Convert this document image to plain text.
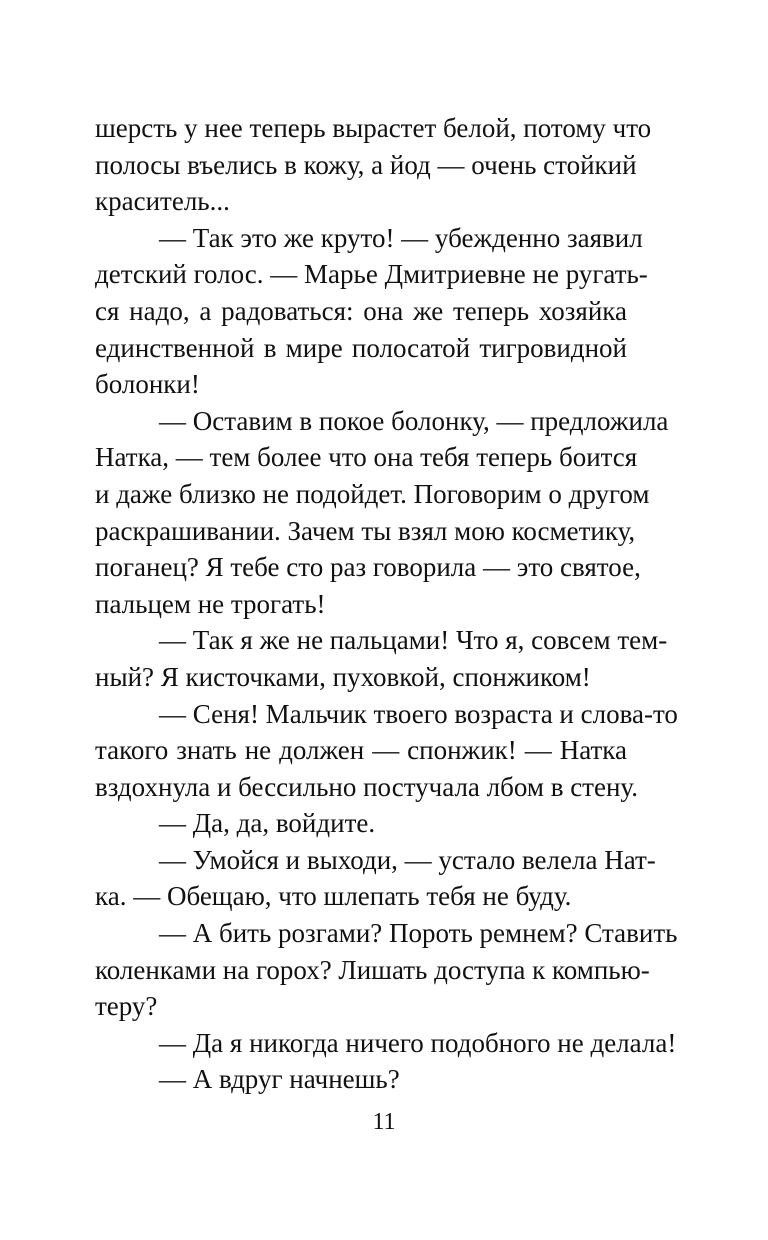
шерсть у нее теперь вырастет белой, потому что
полосы въелись в кожу, а йод — очень стойкий
краситель...
— Так это же круто! — убежденно заявил
детский голос. — Марье Дмитриевне не ругать-
ся надо, а радоваться: она же теперь хозяйка
единственной в мире полосатой тигровидной
болонки!
— Оставим в покое болонку, — предложила
Натка, — тем более что она тебя теперь боится
и даже близко не подойдет. Поговорим о другом
раскрашивании. Зачем ты взял мою косметику,
поганец? Я тебе сто раз говорила — это святое,
пальцем не трогать!
— Так я же не пальцами! Что я, совсем тем-
ный? Я кисточками, пуховкой, спонжиком!
— Сеня! Мальчик твоего возраста и слова-то
такого знать не должен — спонжик! — Натка
вздохнула и бессильно постучала лбом в стену.
— Да, да, войдите.
— Умойся и выходи, — устало велела Нат-
ка. — Обещаю, что шлепать тебя не буду.
— А бить розгами? Пороть ремнем? Ставить
коленками на горох? Лишать доступа к компью-
теру?
— Да я никогда ничего подобного не делала!
— А вдруг начнешь?
11
